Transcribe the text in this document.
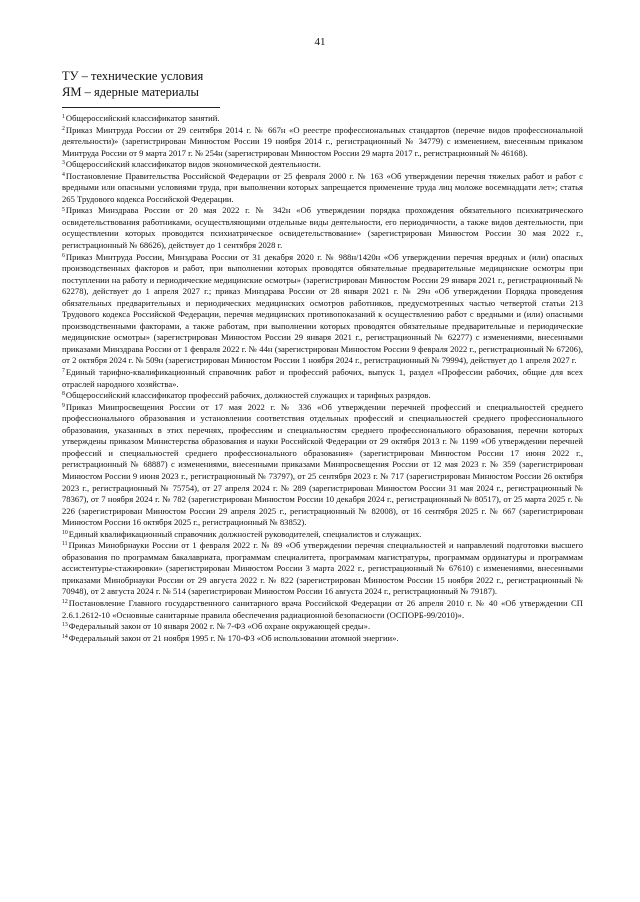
41
ТУ – технические условия
ЯМ – ядерные материалы

$^1$Общероссийский классификатор занятий.

$^2$Приказ Минтруда России от 29 сентября 2014 г. № 667н «О реестре профессиональных стандартов (перечне видов профессиональной деятельности)» (зарегистрирован Минюстом России 19 ноября 2014 г., регистрационный № 34779) с изменением, внесенным приказом Минтруда России от 9 марта 2017 г. № 254н (зарегистрирован Минюстом России 29 марта 2017 г., регистрационный № 46168).

$^3$Общероссийский классификатор видов экономической деятельности.

$^4$Постановление Правительства Российской Федерации от 25 февраля 2000 г. № 163 «Об утверждении перечня тяжелых работ и работ с вредными или опасными условиями труда, при выполнении которых запрещается применение труда лиц моложе восемнадцати лет»; статья 265 Трудового кодекса Российской Федерации.

$^5$Приказ Минздрава России от 20 мая 2022 г. № 342н «Об утверждении порядка прохождения обязательного психиатрического освидетельствования работниками, осуществляющими отдельные виды деятельности, его периодичности, а также видов деятельности, при осуществлении которых проводится психиатрическое освидетельствование» (зарегистрирован Минюстом России 30 мая 2022 г., регистрационный № 68626), действует до 1 сентября 2028 г.

$^6$Приказ Минтруда России, Минздрава России от 31 декабря 2020 г. № 988н/1420н «Об утверждении перечня вредных и (или) опасных производственных факторов и работ, при выполнении которых проводятся обязательные предварительные медицинские осмотры при поступлении на работу и периодические медицинские осмотры» (зарегистрирован Минюстом России 29 января 2021 г., регистрационный № 62278), действует до 1 апреля 2027 г.; приказ Минздрава России от 28 января 2021 г. № 29н «Об утверждении Порядка проведения обязательных предварительных и периодических медицинских осмотров работников, предусмотренных частью четвертой статьи 213 Трудового кодекса Российской Федерации, перечня медицинских противопоказаний к осуществлению работ с вредными и (или) опасными производственными факторами, а также работам, при выполнении которых проводятся обязательные предварительные и периодические медицинские осмотры» (зарегистрирован Минюстом России 29 января 2021 г., регистрационный № 62277) с изменениями, внесенными приказами Минздрава России от 1 февраля 2022 г. № 44н (зарегистрирован Минюстом России 9 февраля 2022 г., регистрационный № 67206), от 2 октября 2024 г. № 509н (зарегистрирован Минюстом России 1 ноября 2024 г., регистрационный № 79994), действует до 1 апреля 2027 г.

$^7$Единый тарифно-квалификационный справочник работ и профессий рабочих, выпуск 1, раздел «Профессии рабочих, общие для всех отраслей народного хозяйства».

$^8$Общероссийский классификатор профессий рабочих, должностей служащих и тарифных разрядов.

$^9$Приказ Минпросвещения России от 17 мая 2022 г. № 336 «Об утверждении перечней профессий и специальностей среднего профессионального образования и установлении соответствия отдельных профессий и специальностей среднего профессионального образования, указанных в этих перечнях, профессиям и специальностям среднего профессионального образования, перечни которых утверждены приказом Министерства образования и науки Российской Федерации от 29 октября 2013 г. № 1199 «Об утверждении перечней профессий и специальностей среднего профессионального образования» (зарегистрирован Минюстом России 17 июня 2022 г., регистрационный № 68887) с изменениями, внесенными приказами Минпросвещения России от 12 мая 2023 г. № 359 (зарегистрирован Минюстом России 9 июня 2023 г., регистрационный № 73797), от 25 сентября 2023 г. № 717 (зарегистрирован Минюстом России 26 октября 2023 г., регистрационный № 75754), от 27 апреля 2024 г. № 289 (зарегистрирован Минюстом России 31 мая 2024 г., регистрационный № 78367), от 7 ноября 2024 г. № 782 (зарегистрирован Минюстом России 10 декабря 2024 г., регистрационный № 80517), от 25 марта 2025 г. № 226 (зарегистрирован Минюстом России 29 апреля 2025 г., регистрационный № 82008), от 16 сентября 2025 г. № 667 (зарегистрирован Минюстом России 16 октября 2025 г., регистрационный № 83852).

$^{10}$Единый квалификационный справочник должностей руководителей, специалистов и служащих.

$^{11}$Приказ Минобрнауки России от 1 февраля 2022 г. № 89 «Об утверждении перечня специальностей и направлений подготовки высшего образования по программам бакалавриата, программам специалитета, программам магистратуры, программам ординатуры и программам ассистентуры-стажировки» (зарегистрирован Минюстом России 3 марта 2022 г., регистрационный № 67610) с изменениями, внесенными приказами Минобрнауки России от 29 августа 2022 г. № 822 (зарегистрирован Минюстом России 15 ноября 2022 г., регистрационный № 70948), от 2 августа 2024 г. № 514 (зарегистрирован Минюстом России 16 августа 2024 г., регистрационный № 79187).

$^{12}$Постановление Главного государственного санитарного врача Российской Федерации от 26 апреля 2010 г. № 40 «Об утверждении СП 2.6.1.2612-10 «Основные санитарные правила обеспечения радиационной безопасности (ОСПОРБ-99/2010)».

$^{13}$Федеральный закон от 10 января 2002 г. № 7-ФЗ «Об охране окружающей среды».

$^{14}$Федеральный закон от 21 ноября 1995 г. № 170-ФЗ «Об использовании атомной энергии».
